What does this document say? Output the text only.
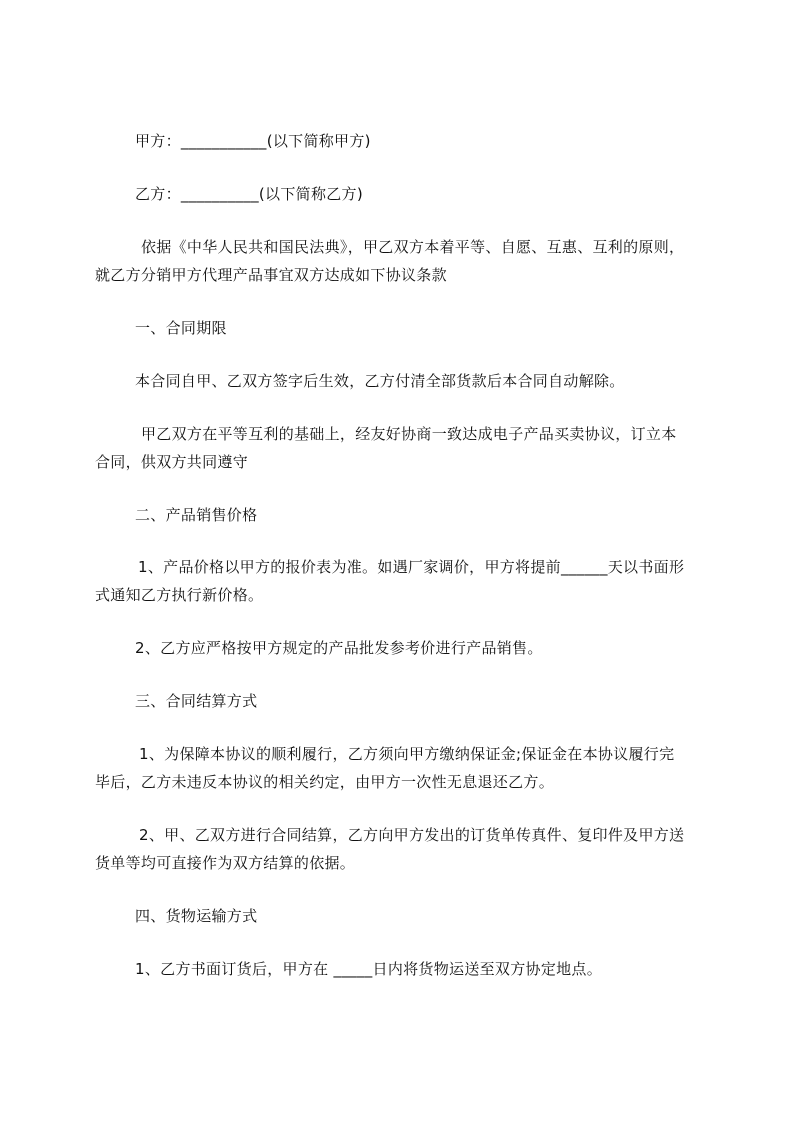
甲方：___________(以下简称甲方)
乙方：__________(以下简称乙方)
依据《中华人民共和国民法典》，甲乙双方本着平等、自愿、互惠、互利的原则，
就乙方分销甲方代理产品事宜双方达成如下协议条款
一、合同期限
本合同自甲、乙双方签字后生效，乙方付清全部货款后本合同自动解除。
甲乙双方在平等互利的基础上，经友好协商一致达成电子产品买卖协议，订立本
合同，供双方共同遵守
二、产品销售价格
1、产品价格以甲方的报价表为准。如遇厂家调价，甲方将提前______天以书面形
式通知乙方执行新价格。
2、乙方应严格按甲方规定的产品批发参考价进行产品销售。
三、合同结算方式
1、为保障本协议的顺利履行，乙方须向甲方缴纳保证金;保证金在本协议履行完
毕后，乙方未违反本协议的相关约定，由甲方一次性无息退还乙方。
2、甲、乙双方进行合同结算，乙方向甲方发出的订货单传真件、复印件及甲方送
货单等均可直接作为双方结算的依据。
四、货物运输方式
1、乙方书面订货后，甲方在 _____日内将货物运送至双方协定地点。
